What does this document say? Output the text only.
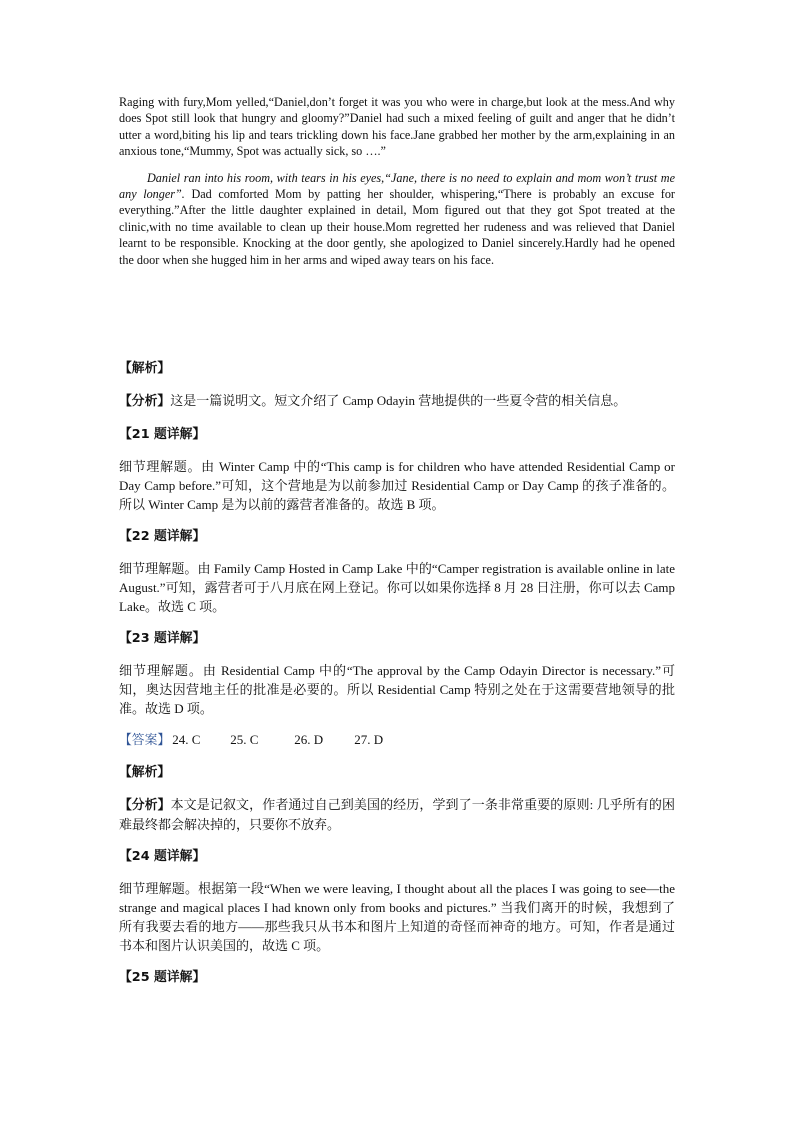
Raging with fury,Mom yelled,“Daniel,don’t forget it was you who were in charge,but look at the mess.And why does Spot still look that hungry and gloomy?”Daniel had such a mixed feeling of guilt and anger that he didn’t utter a word,biting his lip and tears trickling down his face.Jane grabbed her mother by the arm,explaining in an anxious tone,“Mummy, Spot was actually sick, so ….”

Daniel ran into his room, with tears in his eyes,“Jane, there is no need to explain and mom won’t trust me any longer”. Dad comforted Mom by patting her shoulder, whispering,“There is probably an excuse for everything.”After the little daughter explained in detail, Mom figured out that they got Spot treated at the clinic,with no time available to clean up their house.Mom regretted her rudeness and was relieved that Daniel learnt to be responsible. Knocking at the door gently, she apologized to Daniel sincerely.Hardly had he opened the door when she hugged him in her arms and wiped away tears on his face.

【解析】

【分析】这是一篇说明文。短文介绍了 Camp Odayin 营地提供的一些夏令营的相关信息。

【21 题详解】

细节理解题。由 Winter Camp 中的“This camp is for children who have attended Residential Camp or Day Camp before.”可知，这个营地是为以前参加过 Residential Camp or Day Camp 的孩子准备的。所以 Winter Camp 是为以前的露营者准备的。故选 B 项。

【22 题详解】

细节理解题。由 Family Camp Hosted in Camp Lake 中的“Camper registration is available online in late August.”可知，露营者可于八月底在网上登记。你可以如果你选择 8 月 28 日注册，你可以去 Camp Lake。故选 C 项。

【23 题详解】

细节理解题。由 Residential Camp 中的“The approval by the Camp Odayin Director is necessary.”可知，奥达因营地主任的批准是必要的。所以 Residential Camp 特别之处在于这需要营地领导的批准。故选 D 项。

【答案】 24. C 25. C	26. D 27. D

【解析】

【分析】本文是记叙文，作者通过自己到美国的经历，学到了一条非常重要的原则: 几乎所有的困难最终都会解决掉的，只要你不放弃。

【24 题详解】

细节理解题。根据第一段“When we were leaving, I thought about all the places I was going to see—the strange and magical places I had known only from books and pictures.” 当我们离开的时候，我想到了所有我要去看的地方——那些我只从书本和图片上知道的奇怪而神奇的地方。可知，作者是通过书本和图片认识美国的，故选 C 项。

【25 题详解】
